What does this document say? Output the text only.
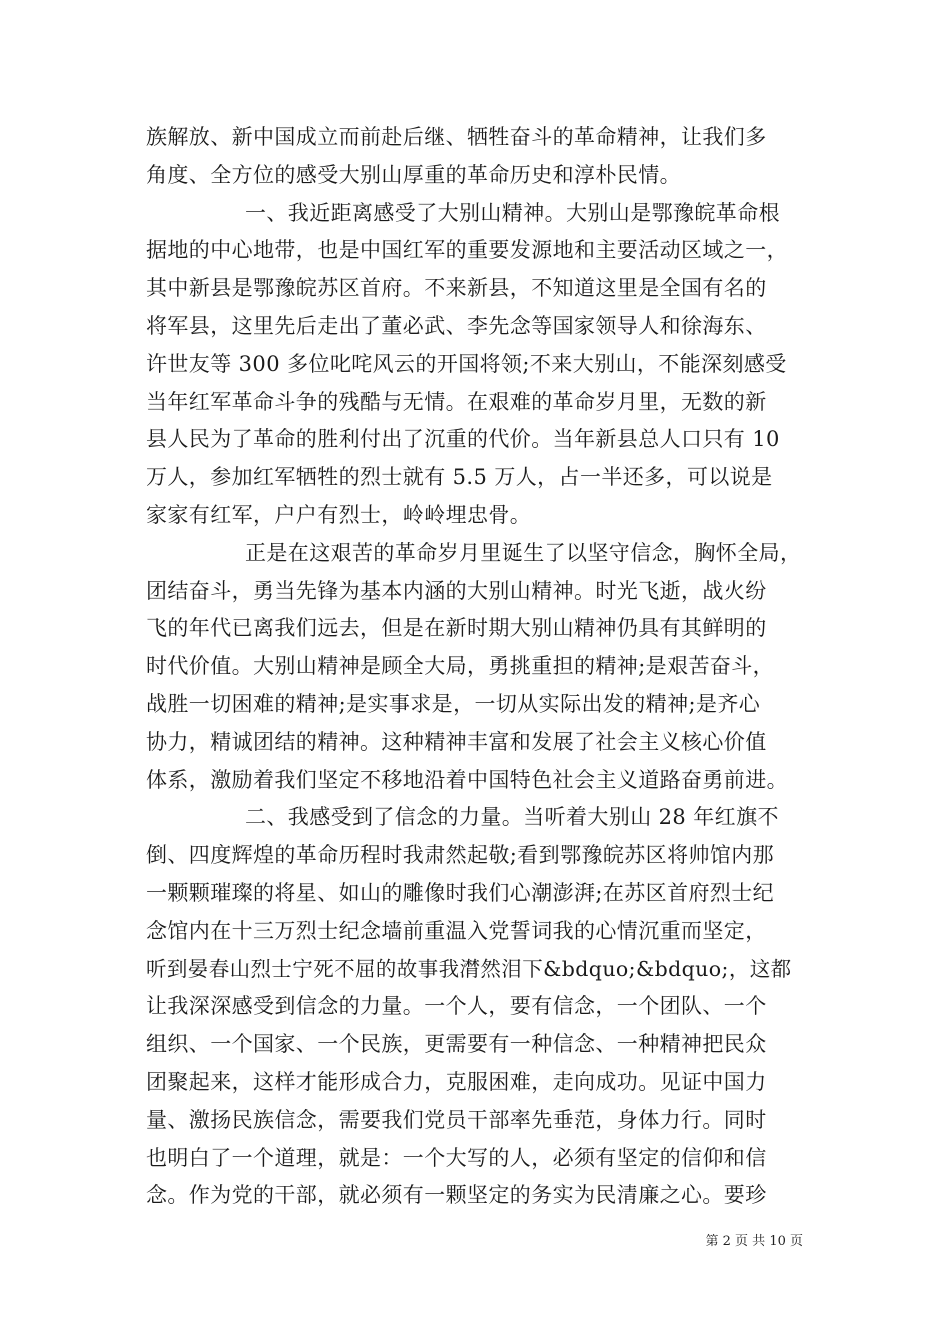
族解放、新中国成立而前赴后继、牺牲奋斗的革命精神，让我们多
角度、全方位的感受大别山厚重的革命历史和淳朴民情。
一、我近距离感受了大别山精神。大别山是鄂豫皖革命根
据地的中心地带，也是中国红军的重要发源地和主要活动区域之一，
其中新县是鄂豫皖苏区首府。不来新县，不知道这里是全国有名的
将军县，这里先后走出了董必武、李先念等国家领导人和徐海东、
许世友等 300 多位叱咤风云的开国将领;不来大别山，不能深刻感受
当年红军革命斗争的残酷与无情。在艰难的革命岁月里，无数的新
县人民为了革命的胜利付出了沉重的代价。当年新县总人口只有 10
万人，参加红军牺牲的烈士就有 5.5 万人，占一半还多，可以说是
家家有红军，户户有烈士，岭岭埋忠骨。
正是在这艰苦的革命岁月里诞生了以坚守信念，胸怀全局，
团结奋斗，勇当先锋为基本内涵的大别山精神。时光飞逝，战火纷
飞的年代已离我们远去，但是在新时期大别山精神仍具有其鲜明的
时代价值。大别山精神是顾全大局，勇挑重担的精神;是艰苦奋斗，
战胜一切困难的精神;是实事求是，一切从实际出发的精神;是齐心
协力，精诚团结的精神。这种精神丰富和发展了社会主义核心价值
体系，激励着我们坚定不移地沿着中国特色社会主义道路奋勇前进。
二、我感受到了信念的力量。当听着大别山 28 年红旗不
倒、四度辉煌的革命历程时我肃然起敬;看到鄂豫皖苏区将帅馆内那
一颗颗璀璨的将星、如山的雕像时我们心潮澎湃;在苏区首府烈士纪
念馆内在十三万烈士纪念墙前重温入党誓词我的心情沉重而坚定，
听到晏春山烈士宁死不屈的故事我潸然泪下&bdquo;&bdquo;，这都
让我深深感受到信念的力量。一个人，要有信念，一个团队、一个
组织、一个国家、一个民族，更需要有一种信念、一种精神把民众
团聚起来，这样才能形成合力，克服困难，走向成功。见证中国力
量、激扬民族信念，需要我们党员干部率先垂范，身体力行。同时
也明白了一个道理，就是：一个大写的人，必须有坚定的信仰和信
念。作为党的干部，就必须有一颗坚定的务实为民清廉之心。要珍
第 2 页 共 10 页
